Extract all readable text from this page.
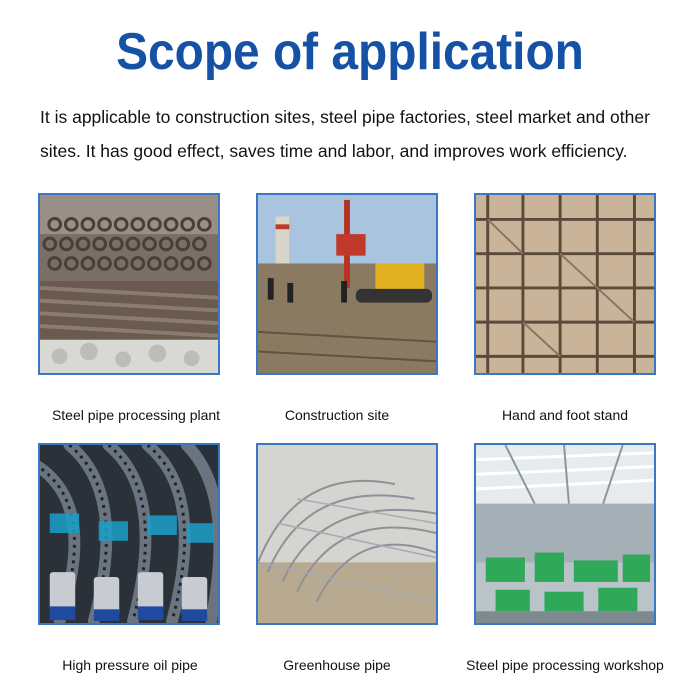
Scope of application
It is applicable to construction sites, steel pipe factories, steel market and other
sites. It has good effect, saves time and labor, and improves work efficiency.
Steel pipe processing plant	Construction site	Hand and foot stand
High pressure oil pipe	Greenhouse pipe	Steel pipe processing workshop
